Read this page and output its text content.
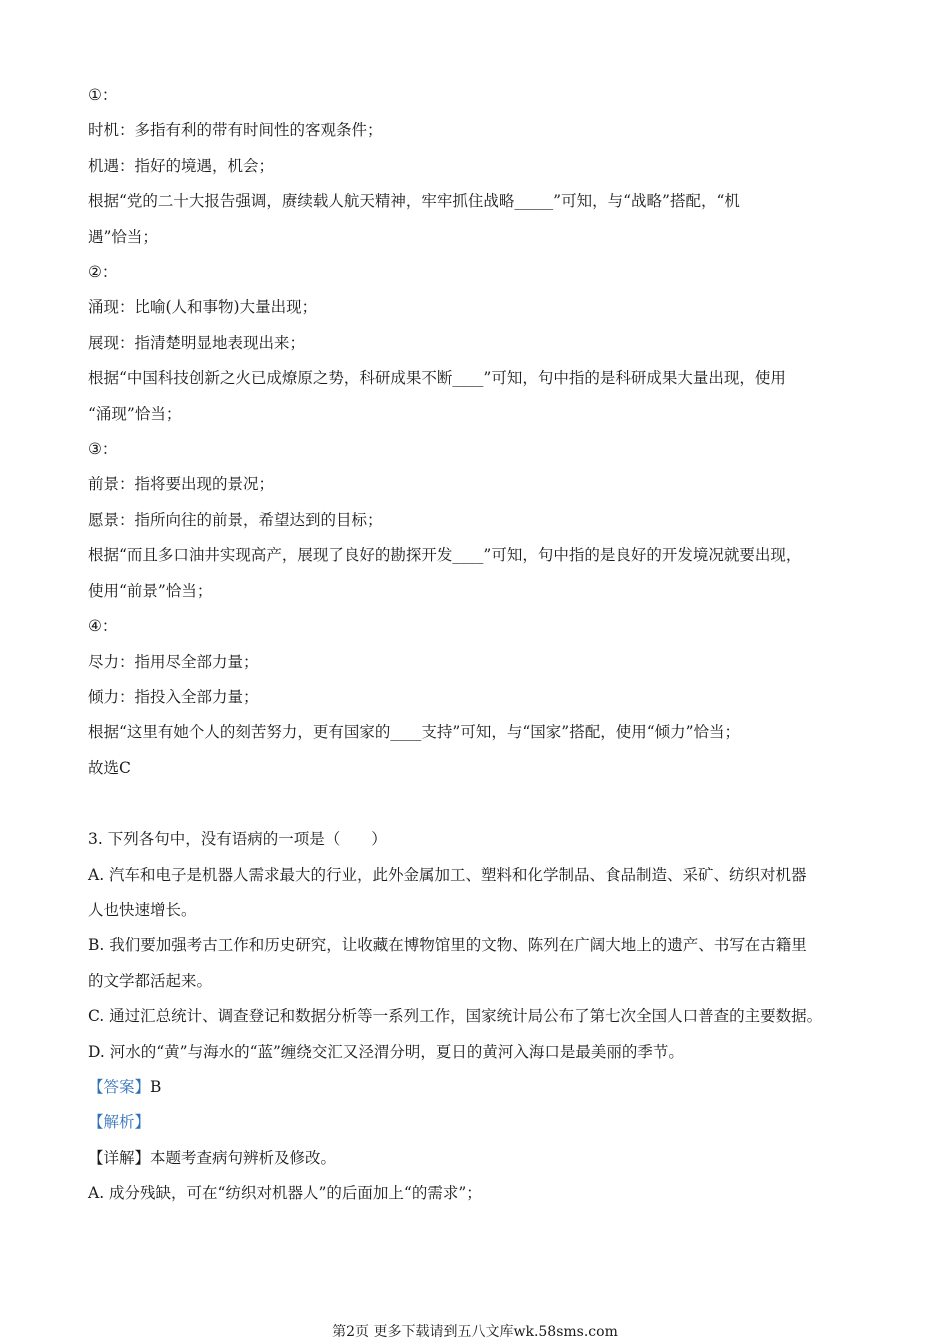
①：

时机：多指有利的带有时间性的客观条件；

机遇：指好的境遇，机会；

根据“党的二十大报告强调，赓续载人航天精神，牢牢抓住战略_____”可知，与“战略”搭配，“机

遇”恰当；

②：

涌现：比喻(人和事物)大量出现；

展现：指清楚明显地表现出来；

根据“中国科技创新之火已成燎原之势，科研成果不断____”可知，句中指的是科研成果大量出现，使用

“涌现”恰当；

③：

前景：指将要出现的景况；

愿景：指所向往的前景，希望达到的目标；

根据“而且多口油井实现高产，展现了良好的勘探开发____”可知，句中指的是良好的开发境况就要出现，

使用“前景”恰当；

④：

尽力：指用尽全部力量；

倾力：指投入全部力量；

根据“这里有她个人的刻苦努力，更有国家的____支持”可知，与“国家”搭配，使用“倾力”恰当；

故选C

3. 下列各句中，没有语病的一项是（　　）

A. 汽车和电子是机器人需求最大的行业，此外金属加工、塑料和化学制品、食品制造、采矿、纺织对机器

人也快速增长。

B. 我们要加强考古工作和历史研究，让收藏在博物馆里的文物、陈列在广阔大地上的遗产、书写在古籍里

的文学都活起来。

C. 通过汇总统计、调查登记和数据分析等一系列工作，国家统计局公布了第七次全国人口普查的主要数据。

D. 河水的“黄”与海水的“蓝”缠绕交汇又泾渭分明，夏日的黄河入海口是最美丽的季节。

【答案】B

【解析】

【详解】本题考查病句辨析及修改。

A. 成分残缺，可在“纺织对机器人”的后面加上“的需求”；

第2页 更多下载请到五八文库wk.58sms.com
